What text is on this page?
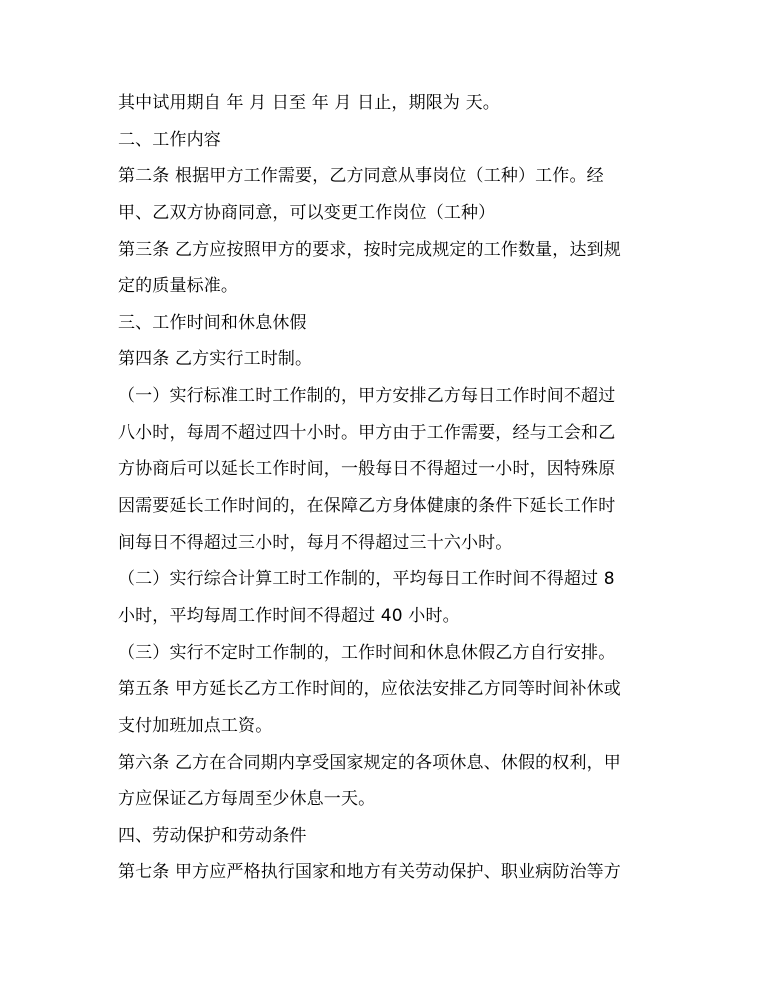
其中试用期自 年 月 日至 年 月 日止，期限为 天。
二、工作内容
第二条 根据甲方工作需要，乙方同意从事岗位（工种）工作。经
甲、乙双方协商同意，可以变更工作岗位（工种）
第三条 乙方应按照甲方的要求，按时完成规定的工作数量，达到规
定的质量标准。
三、工作时间和休息休假
第四条 乙方实行工时制。
（一）实行标准工时工作制的，甲方安排乙方每日工作时间不超过
八小时，每周不超过四十小时。甲方由于工作需要，经与工会和乙
方协商后可以延长工作时间，一般每日不得超过一小时，因特殊原
因需要延长工作时间的，在保障乙方身体健康的条件下延长工作时
间每日不得超过三小时，每月不得超过三十六小时。
（二）实行综合计算工时工作制的，平均每日工作时间不得超过 8
小时，平均每周工作时间不得超过 40 小时。
（三）实行不定时工作制的，工作时间和休息休假乙方自行安排。
第五条 甲方延长乙方工作时间的，应依法安排乙方同等时间补休或
支付加班加点工资。
第六条 乙方在合同期内享受国家规定的各项休息、休假的权利，甲
方应保证乙方每周至少休息一天。
四、劳动保护和劳动条件
第七条 甲方应严格执行国家和地方有关劳动保护、职业病防治等方
